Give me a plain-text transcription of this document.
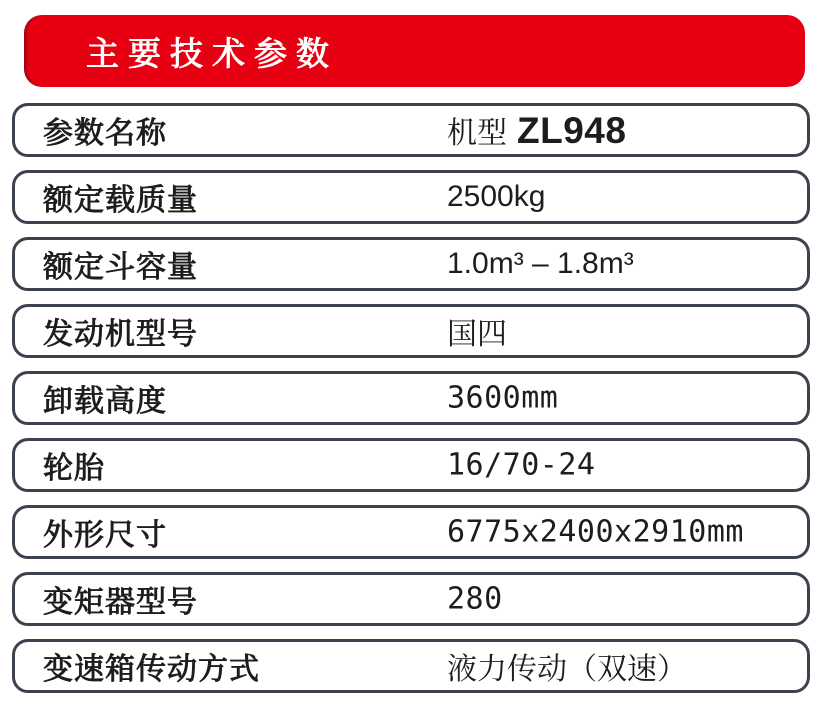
主要技术参数
参数名称	机型 ZL948
额定载质量	2500kg
额定斗容量	1.0m³ – 1.8m³
发动机型号	国四
卸载高度	3600mm
轮胎	16/70-24
外形尺寸	6775x2400x2910mm
变矩器型号	280
变速箱传动方式	液力传动（双速）
